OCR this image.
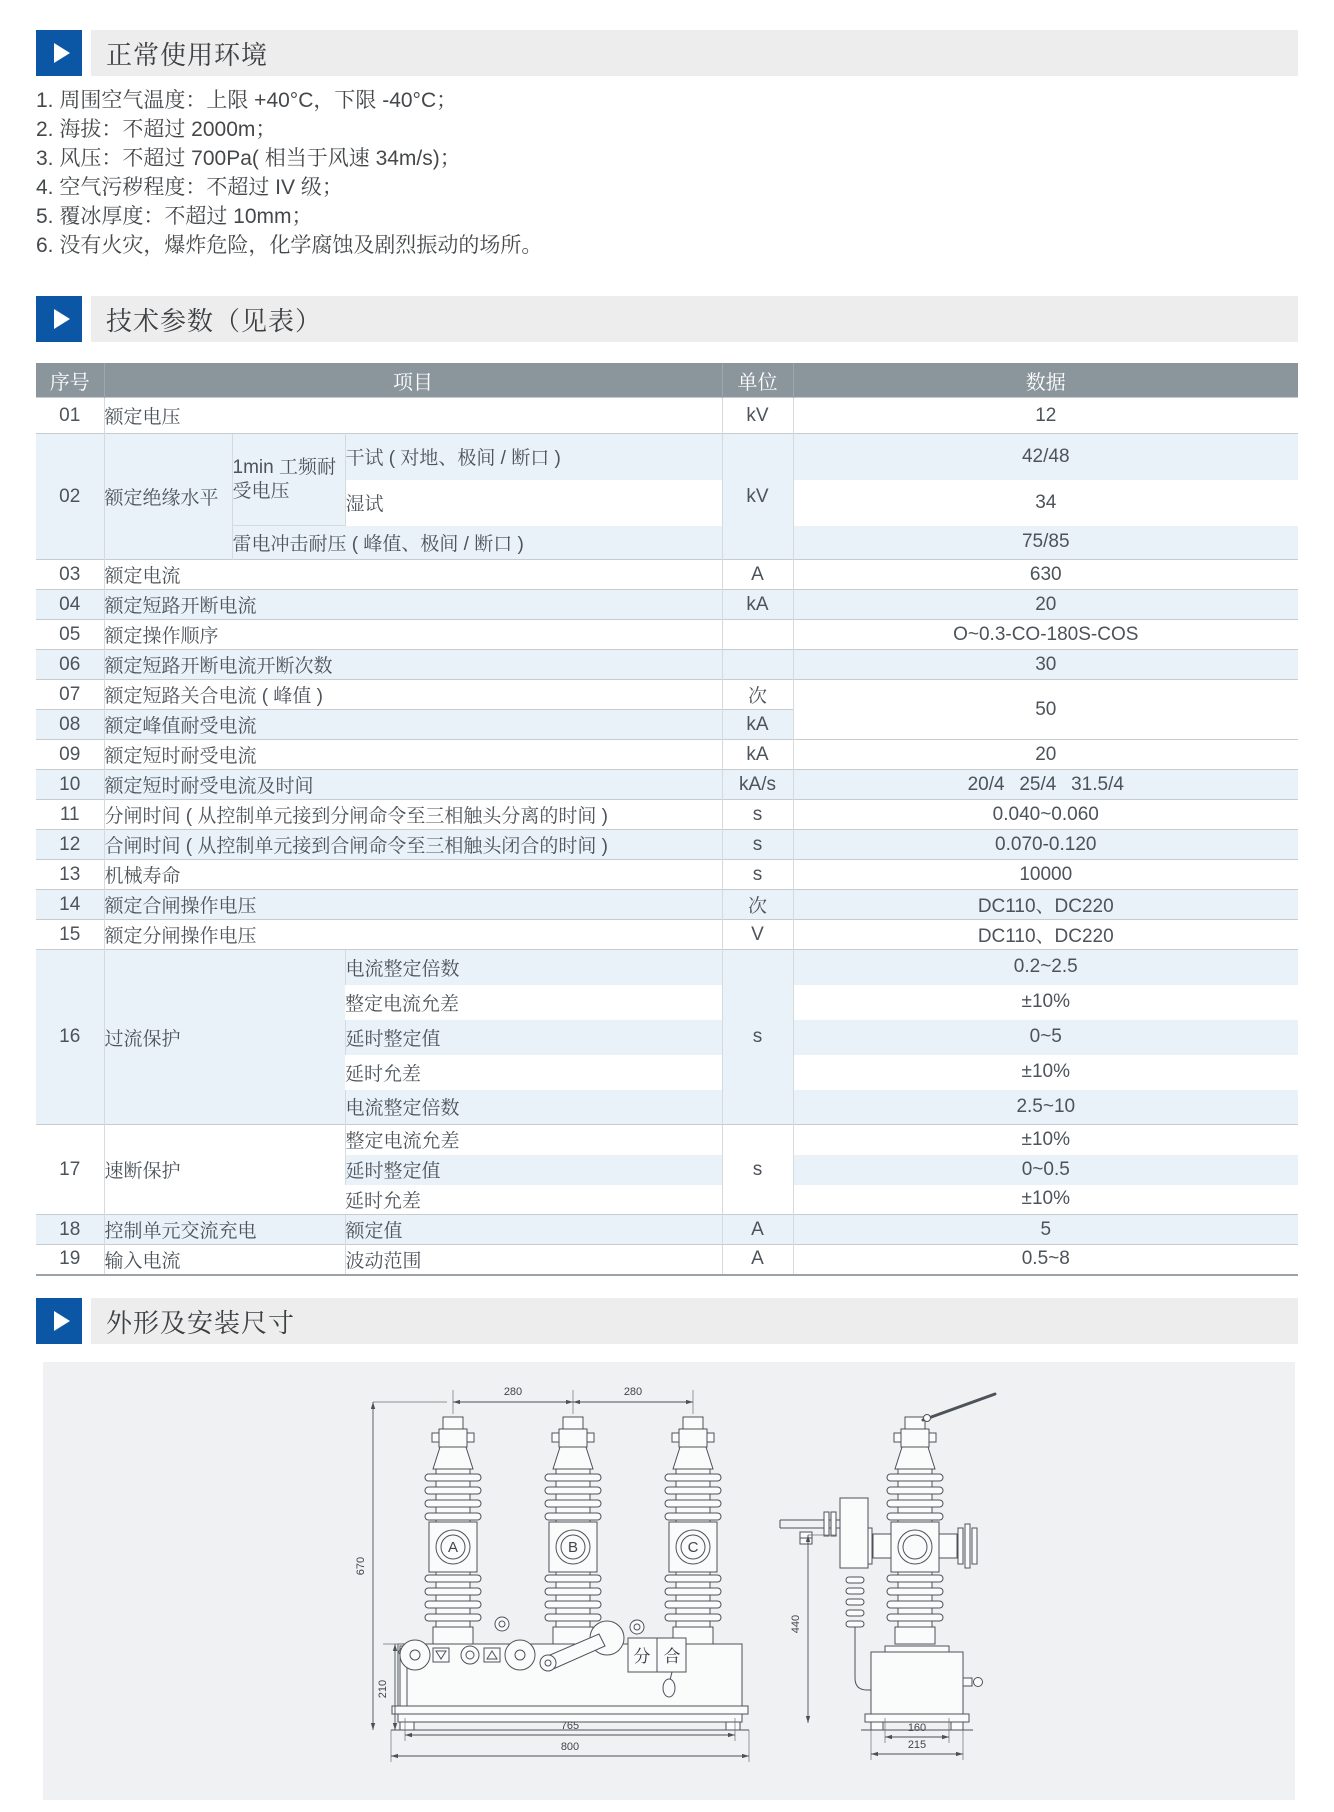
正常使用环境
1. 周围空气温度：上限 +40°C，下限 -40°C；
2. 海拔：不超过 2000m；
3. 风压：不超过 700Pa( 相当于风速 34m/s)；
4. 空气污秽程度：不超过 IV 级；
5. 覆冰厚度：不超过 10mm；
6. 没有火灾，爆炸危险，化学腐蚀及剧烈振动的场所。
技术参数（见表）
序号	项目			单位	数据
01	额定电压			kV	12
02	额定绝缘水平	1min 工频耐受电压	干试 ( 对地、极间 / 断口 )	kV	42/48
			湿试		34
		雷电冲击耐压 ( 峰值、极间 / 断口 )			75/85
03	额定电流			A	630
04	额定短路开断电流			kA	20
05	额定操作顺序				O~0.3-CO-180S-COS
06	额定短路开断电流开断次数				30
07	额定短路关合电流 ( 峰值 )			次	50
08	额定峰值耐受电流			kA	
09	额定短时耐受电流			kA	20
10	额定短时耐受电流及时间			kA/s	20/4  25/4  31.5/4
11	分闸时间 ( 从控制单元接到分闸命令至三相触头分离的时间 )			s	0.040~0.060
12	合闸时间 ( 从控制单元接到合闸命令至三相触头闭合的时间 )			s	0.070-0.120
13	机械寿命			s	10000
14	额定合闸操作电压			次	DC110、DC220
15	额定分闸操作电压			V	DC110、DC220
16	过流保护		电流整定倍数	s	0.2~2.5
			整定电流允差		±10%
			延时整定值		0~5
			延时允差		±10%
			电流整定倍数		2.5~10
17	速断保护		整定电流允差	s	±10%
			延时整定值		0~0.5
			延时允差		±10%
18	控制单元交流充电		额定值	A	5
19	输入电流		波动范围	A	0.5~8
外形及安装尺寸
A	B	C
分 合
280	280
670
210
765
800
440
160
215
